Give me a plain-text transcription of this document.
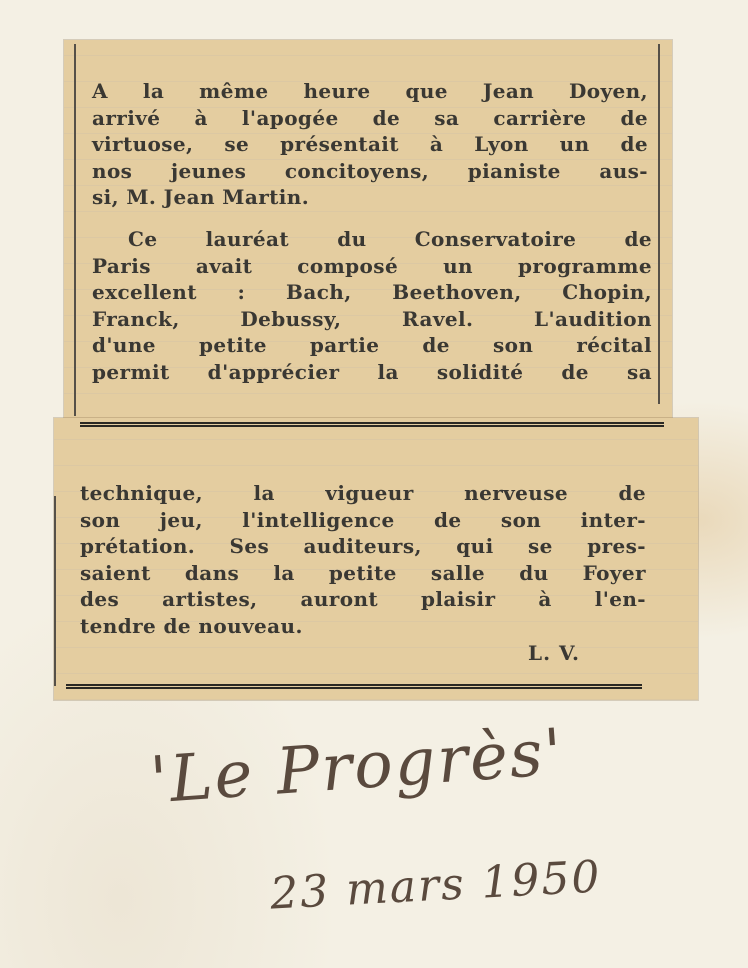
A la même heure que Jean Doyen,
arrivé à l'apogée de sa carrière de
virtuose, se présentait à Lyon un de
nos jeunes concitoyens, pianiste aus-
si, M. Jean Martin.
Ce lauréat du Conservatoire de
Paris avait composé un programme
excellent : Bach, Beethoven, Chopin,
Franck, Debussy, Ravel. L'audition
d'une petite partie de son récital
permit d'apprécier la solidité de sa
technique, la vigueur nerveuse de
son jeu, l'intelligence de son inter-
prétation. Ses auditeurs, qui se pres-
saient dans la petite salle du Foyer
des artistes, auront plaisir à l'en-
tendre de nouveau.

L. V.

'Le Progrès'

23 mars 1950
